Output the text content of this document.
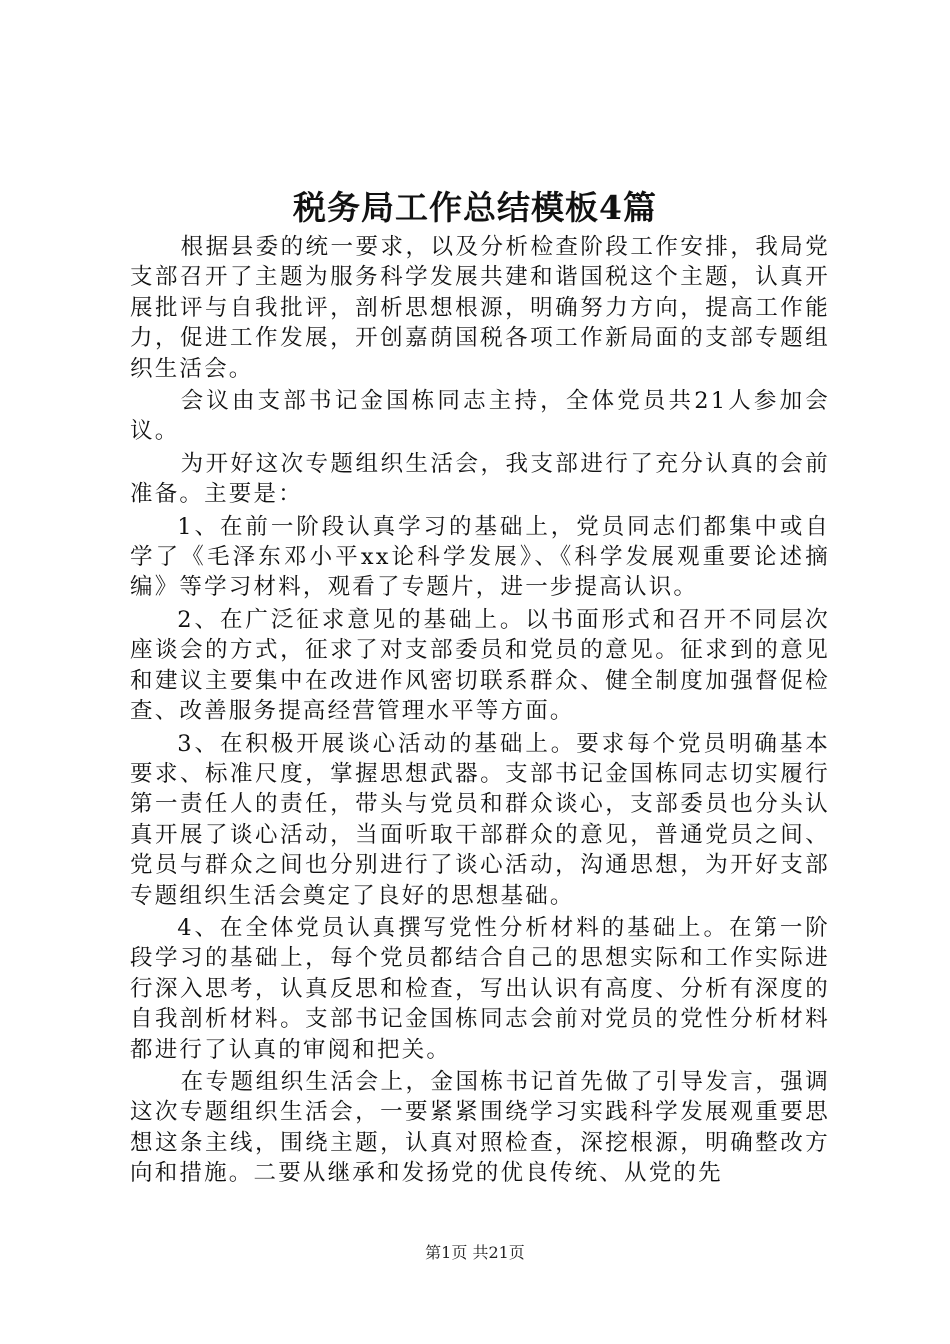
税务局工作总结模板4篇

根据县委的统一要求，以及分析检查阶段工作安排，我局党支部召开了主题为服务科学发展共建和谐国税这个主题，认真开展批评与自我批评，剖析思想根源，明确努力方向，提高工作能力，促进工作发展，开创嘉荫国税各项工作新局面的支部专题组织生活会。

会议由支部书记金国栋同志主持，全体党员共21人参加会议。

为开好这次专题组织生活会，我支部进行了充分认真的会前准备。主要是：

1、在前一阶段认真学习的基础上，党员同志们都集中或自学了《毛泽东邓小平xx论科学发展》、《科学发展观重要论述摘编》等学习材料，观看了专题片，进一步提高认识。

2、在广泛征求意见的基础上。以书面形式和召开不同层次座谈会的方式，征求了对支部委员和党员的意见。征求到的意见和建议主要集中在改进作风密切联系群众、健全制度加强督促检查、改善服务提高经营管理水平等方面。

3、在积极开展谈心活动的基础上。要求每个党员明确基本要求、标准尺度，掌握思想武器。支部书记金国栋同志切实履行第一责任人的责任，带头与党员和群众谈心，支部委员也分头认真开展了谈心活动，当面听取干部群众的意见，普通党员之间、党员与群众之间也分别进行了谈心活动，沟通思想，为开好支部专题组织生活会奠定了良好的思想基础。

4、在全体党员认真撰写党性分析材料的基础上。在第一阶段学习的基础上，每个党员都结合自己的思想实际和工作实际进行深入思考，认真反思和检查，写出认识有高度、分析有深度的自我剖析材料。支部书记金国栋同志会前对党员的党性分析材料都进行了认真的审阅和把关。

在专题组织生活会上，金国栋书记首先做了引导发言，强调这次专题组织生活会，一要紧紧围绕学习实践科学发展观重要思想这条主线，围绕主题，认真对照检查，深挖根源，明确整改方向和措施。二要从继承和发扬党的优良传统、从党的先

第1页 共21页
